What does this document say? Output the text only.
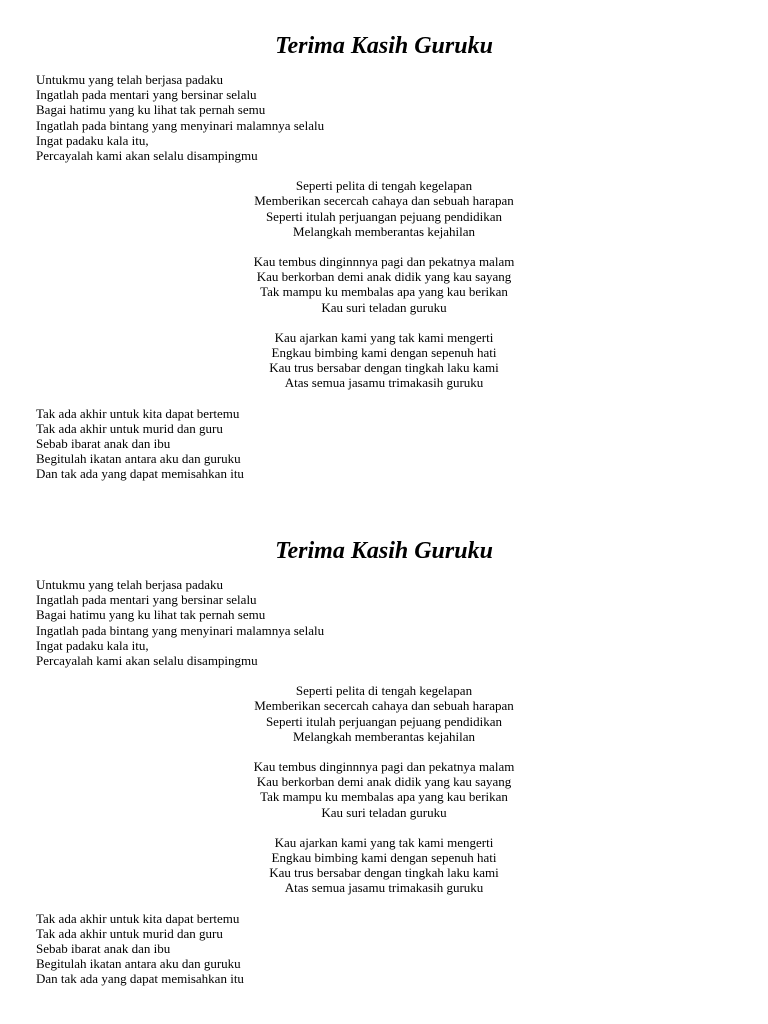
Terima Kasih Guruku
Untukmu yang telah berjasa padaku
Ingatlah pada mentari yang bersinar selalu
Bagai hatimu yang ku lihat tak pernah semu
Ingatlah pada bintang yang menyinari malamnya selalu
Ingat padaku kala itu,
Percayalah kami akan selalu disampingmu
Seperti pelita di tengah kegelapan
Memberikan secercah cahaya dan sebuah harapan
Seperti itulah perjuangan pejuang pendidikan
Melangkah memberantas kejahilan
Kau tembus dinginnnya pagi dan pekatnya malam
Kau berkorban demi anak didik yang kau sayang
Tak mampu ku membalas apa yang kau berikan
Kau suri teladan guruku
Kau ajarkan kami yang tak kami mengerti
Engkau bimbing kami dengan sepenuh hati
Kau trus bersabar dengan tingkah laku kami
Atas semua jasamu trimakasih guruku
Tak ada akhir untuk kita dapat bertemu
Tak ada akhir untuk murid dan guru
Sebab ibarat anak dan ibu
Begitulah ikatan antara aku dan guruku
Dan tak ada yang dapat memisahkan itu
Terima Kasih Guruku
Untukmu yang telah berjasa padaku
Ingatlah pada mentari yang bersinar selalu
Bagai hatimu yang ku lihat tak pernah semu
Ingatlah pada bintang yang menyinari malamnya selalu
Ingat padaku kala itu,
Percayalah kami akan selalu disampingmu
Seperti pelita di tengah kegelapan
Memberikan secercah cahaya dan sebuah harapan
Seperti itulah perjuangan pejuang pendidikan
Melangkah memberantas kejahilan
Kau tembus dinginnnya pagi dan pekatnya malam
Kau berkorban demi anak didik yang kau sayang
Tak mampu ku membalas apa yang kau berikan
Kau suri teladan guruku
Kau ajarkan kami yang tak kami mengerti
Engkau bimbing kami dengan sepenuh hati
Kau trus bersabar dengan tingkah laku kami
Atas semua jasamu trimakasih guruku
Tak ada akhir untuk kita dapat bertemu
Tak ada akhir untuk murid dan guru
Sebab ibarat anak dan ibu
Begitulah ikatan antara aku dan guruku
Dan tak ada yang dapat memisahkan itu
